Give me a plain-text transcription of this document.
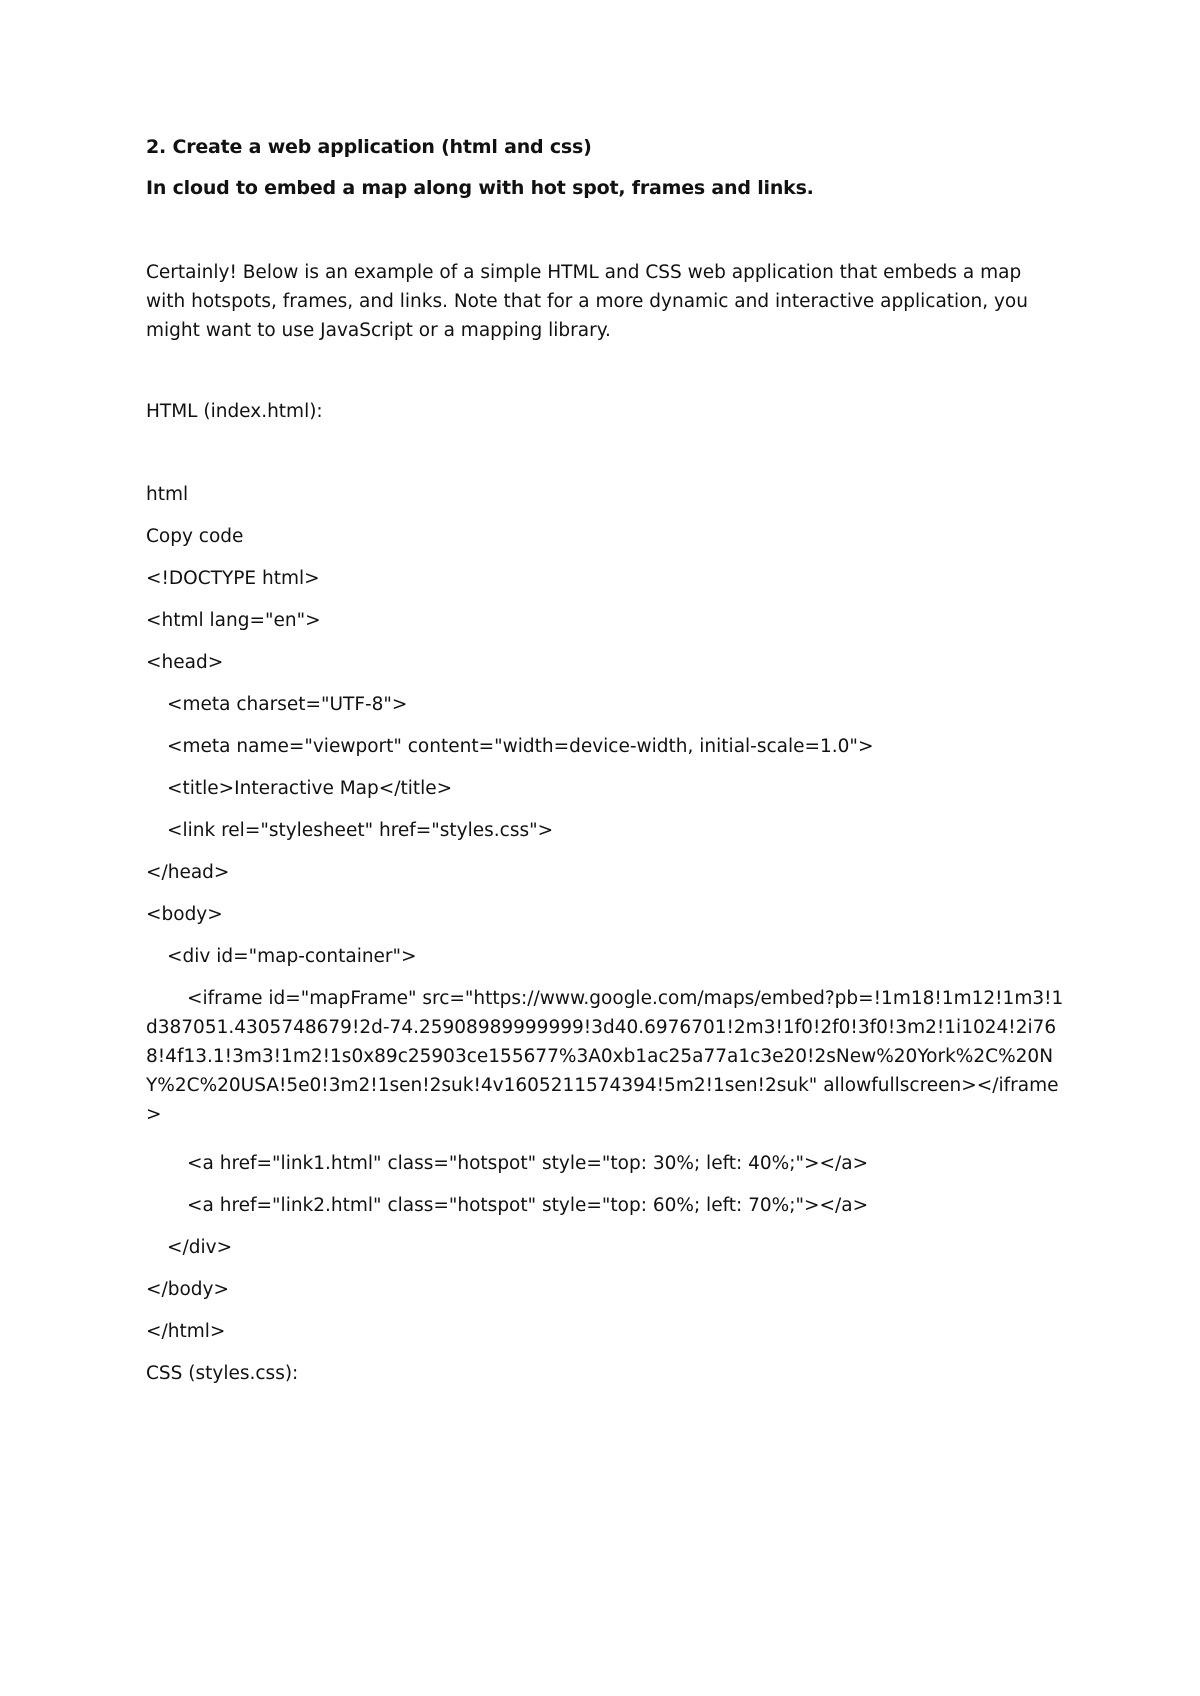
2. Create a web application (html and css)
In cloud to embed a map along with hot spot, frames and links.
Certainly! Below is an example of a simple HTML and CSS web application that embeds a map with hotspots, frames, and links. Note that for a more dynamic and interactive application, you might want to use JavaScript or a mapping library.
HTML (index.html):
html
Copy code
<!DOCTYPE html>
<html lang="en">
<head>
<meta charset="UTF-8">
<meta name="viewport" content="width=device-width, initial-scale=1.0">
<title>Interactive Map</title>
<link rel="stylesheet" href="styles.css">
</head>
<body>
<div id="map-container">
<iframe id="mapFrame" src="https://www.google.com/maps/embed?pb=!1m18!1m12!1m3!1d387051.4305748679!2d-74.25908989999999!3d40.6976701!2m3!1f0!2f0!3f0!3m2!1i1024!2i768!4f13.1!3m3!1m2!1s0x89c25903ce155677%3A0xb1ac25a77a1c3e20!2sNew%20York%2C%20NY%2C%20USA!5e0!3m2!1sen!2suk!4v1605211574394!5m2!1sen!2suk" allowfullscreen></iframe>
<a href="link1.html" class="hotspot" style="top: 30%; left: 40%;"></a>
<a href="link2.html" class="hotspot" style="top: 60%; left: 70%;"></a>
</div>
</body>
</html>
CSS (styles.css):
